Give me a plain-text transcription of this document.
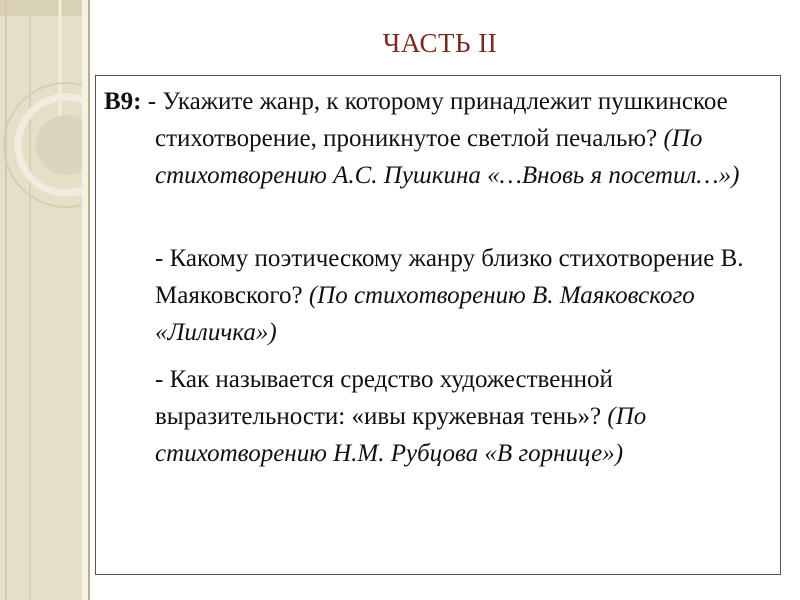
ЧАСТЬ II
В9: - Укажите жанр, к которому принадлежит пушкинское стихотворение, проникнутое светлой печалью? (По стихотворению А.С. Пушкина «…Вновь я посетил…»)
- Какому поэтическому жанру близко стихотворение В. Маяковского? (По стихотворению В. Маяковского «Лиличка»)
- Как называется средство художественной выразительности: «ивы кружевная тень»? (По стихотворению Н.М. Рубцова «В горнице»)
